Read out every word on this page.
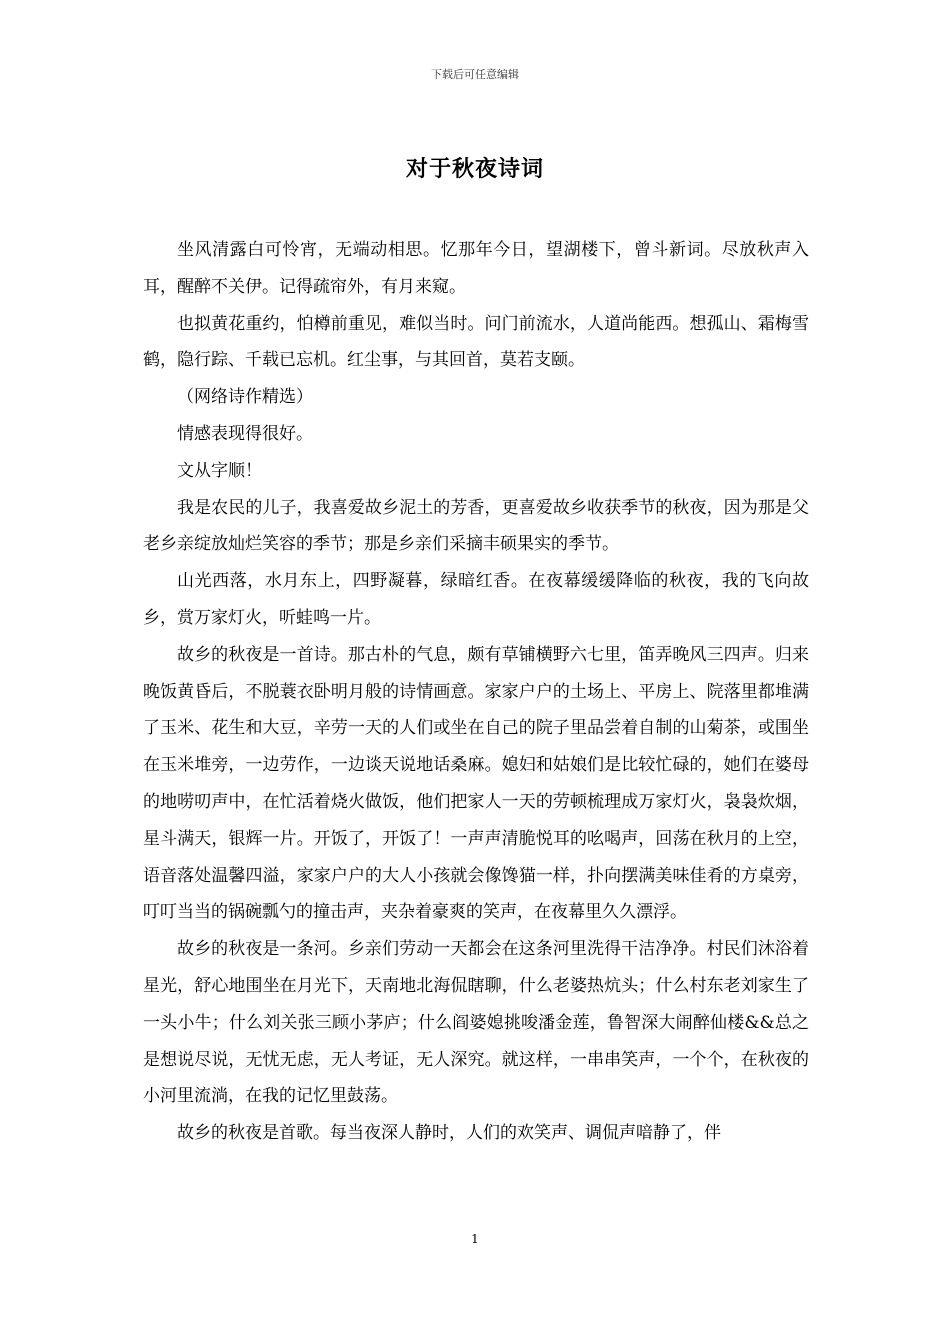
下载后可任意编辑
对于秋夜诗词

坐风清露白可怜宵，无端动相思。忆那年今日，望湖楼下，曾斗新词。尽放秋声入耳，醒醉不关伊。记得疏帘外，有月来窥。

也拟黄花重约，怕樽前重见，难似当时。问门前流水，人道尚能西。想孤山、霜梅雪鹤，隐行踪、千载已忘机。红尘事，与其回首，莫若支颐。

（网络诗作精选）

情感表现得很好。

文从字顺！

我是农民的儿子，我喜爱故乡泥土的芳香，更喜爱故乡收获季节的秋夜，因为那是父老乡亲绽放灿烂笑容的季节；那是乡亲们采摘丰硕果实的季节。

山光西落，水月东上，四野凝暮，绿暗红香。在夜幕缓缓降临的秋夜，我的飞向故乡，赏万家灯火，听蛙鸣一片。

故乡的秋夜是一首诗。那古朴的气息，颇有草铺横野六七里，笛弄晚风三四声。归来晚饭黄昏后，不脱蓑衣卧明月般的诗情画意。家家户户的土场上、平房上、院落里都堆满了玉米、花生和大豆，辛劳一天的人们或坐在自己的院子里品尝着自制的山菊茶，或围坐在玉米堆旁，一边劳作，一边谈天说地话桑麻。媳妇和姑娘们是比较忙碌的，她们在婆母的地唠叨声中，在忙活着烧火做饭，他们把家人一天的劳顿梳理成万家灯火，袅袅炊烟，星斗满天，银辉一片。开饭了，开饭了！一声声清脆悦耳的吆喝声，回荡在秋月的上空，语音落处温馨四溢，家家户户的大人小孩就会像馋猫一样，扑向摆满美味佳肴的方桌旁，叮叮当当的锅碗瓢勺的撞击声，夹杂着豪爽的笑声，在夜幕里久久漂浮。

故乡的秋夜是一条河。乡亲们劳动一天都会在这条河里洗得干洁净净。村民们沐浴着星光，舒心地围坐在月光下，天南地北海侃瞎聊，什么老婆热炕头；什么村东老刘家生了一头小牛；什么刘关张三顾小茅庐；什么阎婆媳挑唆潘金莲，鲁智深大闹醉仙楼&&总之是想说尽说，无忧无虑，无人考证，无人深究。就这样，一串串笑声，一个个，在秋夜的小河里流淌，在我的记忆里鼓荡。

故乡的秋夜是首歌。每当夜深人静时，人们的欢笑声、调侃声喑静了，伴

1
